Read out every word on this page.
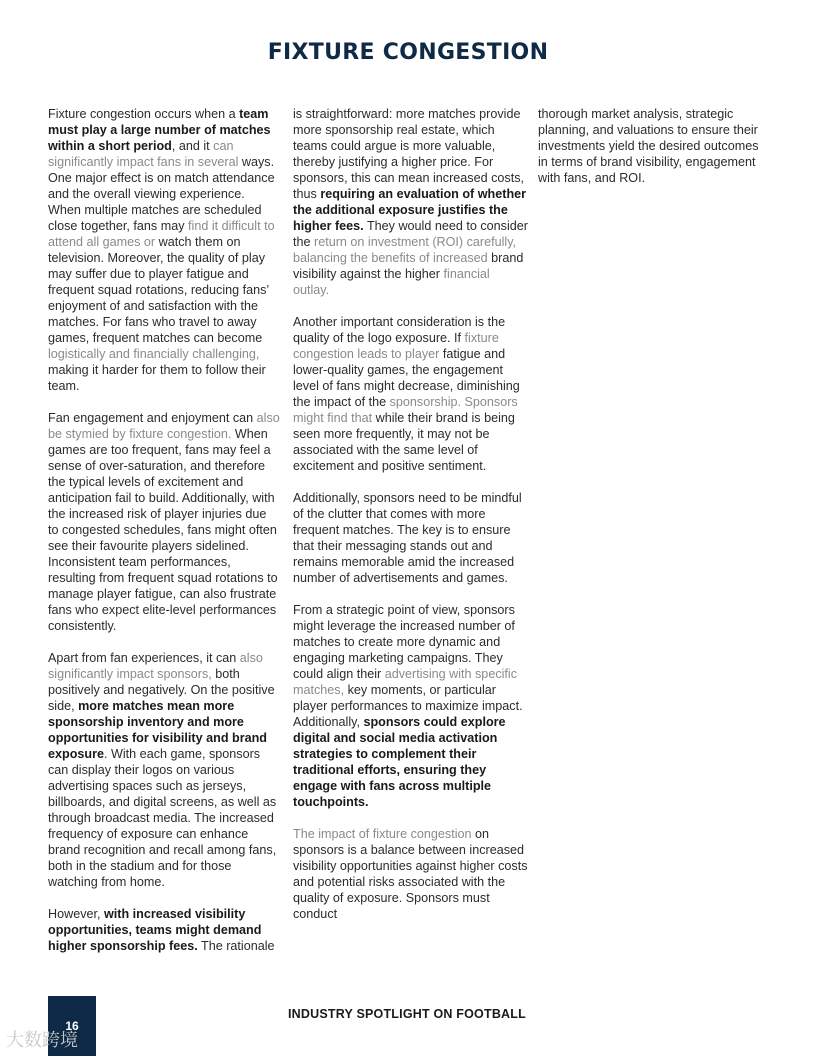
FIXTURE CONGESTION

Fixture congestion occurs when a team must play a large number of matches within a short period, and it can significantly impact fans in several ways. One major effect is on match attendance and the overall viewing experience. When multiple matches are scheduled close together, fans may find it difficult to attend all games or watch them on television. Moreover, the quality of play may suffer due to player fatigue and frequent squad rotations, reducing fans’ enjoyment of and satisfaction with the matches. For fans who travel to away games, frequent matches can become logistically and financially challenging, making it harder for them to follow their team.

Fan engagement and enjoyment can also be stymied by fixture congestion. When games are too frequent, fans may feel a sense of over-saturation, and therefore the typical levels of excitement and anticipation fail to build. Additionally, with the increased risk of player injuries due to congested schedules, fans might often see their favourite players sidelined. Inconsistent team performances, resulting from frequent squad rotations to manage player fatigue, can also frustrate fans who expect elite-level performances consistently.

Apart from fan experiences, it can also significantly impact sponsors, both positively and negatively. On the positive side, more matches mean more sponsorship inventory and more opportunities for visibility and brand exposure. With each game, sponsors can display their logos on various advertising spaces such as jerseys, billboards, and digital screens, as well as through broadcast media. The increased frequency of exposure can enhance brand recognition and recall among fans, both in the stadium and for those watching from home.

However, with increased visibility opportunities, teams might demand higher sponsorship fees. The rationale

is straightforward: more matches provide more sponsorship real estate, which teams could argue is more valuable, thereby justifying a higher price. For sponsors, this can mean increased costs, thus requiring an evaluation of whether the additional exposure justifies the higher fees. They would need to consider the return on investment (ROI) carefully, balancing the benefits of increased brand visibility against the higher financial outlay.

Another important consideration is the quality of the logo exposure. If fixture congestion leads to player fatigue and lower-quality games, the engagement level of fans might decrease, diminishing the impact of the sponsorship. Sponsors might find that while their brand is being seen more frequently, it may not be associated with the same level of excitement and positive sentiment.

Additionally, sponsors need to be mindful of the clutter that comes with more frequent matches. The key is to ensure that their messaging stands out and remains memorable amid the increased number of advertisements and games.

From a strategic point of view, sponsors might leverage the increased number of matches to create more dynamic and engaging marketing campaigns. They could align their advertising with specific matches, key moments, or particular player performances to maximize impact. Additionally, sponsors could explore digital and social media activation strategies to complement their traditional efforts, ensuring they engage with fans across multiple touchpoints.

The impact of fixture congestion on sponsors is a balance between increased visibility opportunities against higher costs and potential risks associated with the quality of exposure. Sponsors must conduct

thorough market analysis, strategic planning, and valuations to ensure their investments yield the desired outcomes in terms of brand visibility, engagement with fans, and ROI.

16
INDUSTRY SPOTLIGHT ON FOOTBALL
大数跨境
